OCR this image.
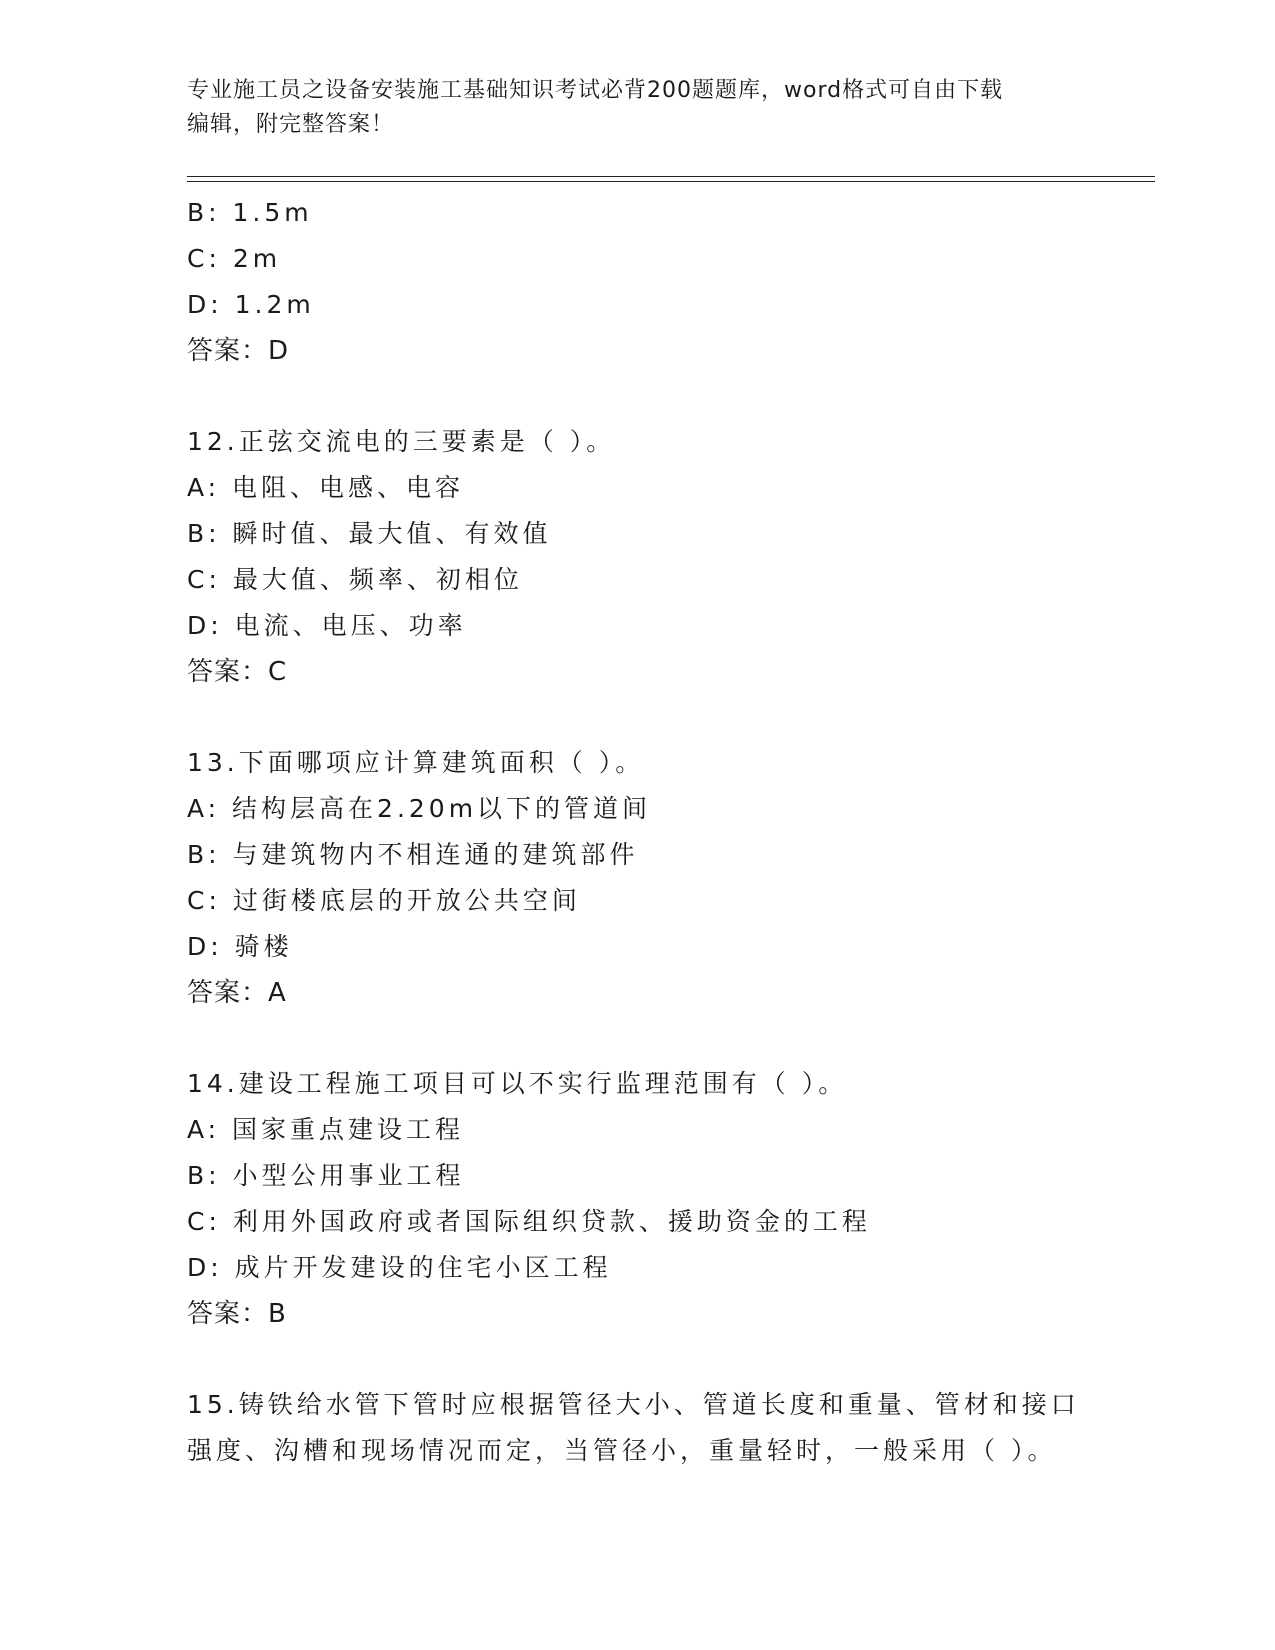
专业施工员之设备安装施工基础知识考试必背200题题库，word格式可自由下载
编辑，附完整答案！
B: 1.5m
C: 2m
D: 1.2m
答案：D
12.正弦交流电的三要素是（ ）。
A: 电阻、电感、电容
B: 瞬时值、最大值、有效值
C: 最大值、频率、初相位
D: 电流、电压、功率
答案：C
13.下面哪项应计算建筑面积（ ）。
A: 结构层高在2.20m以下的管道间
B: 与建筑物内不相连通的建筑部件
C: 过街楼底层的开放公共空间
D: 骑楼
答案：A
14.建设工程施工项目可以不实行监理范围有（ ）。
A: 国家重点建设工程
B: 小型公用事业工程
C: 利用外国政府或者国际组织贷款、援助资金的工程
D: 成片开发建设的住宅小区工程
答案：B
15.铸铁给水管下管时应根据管径大小、管道长度和重量、管材和接口
强度、沟槽和现场情况而定，当管径小，重量轻时，一般采用（ ）。
